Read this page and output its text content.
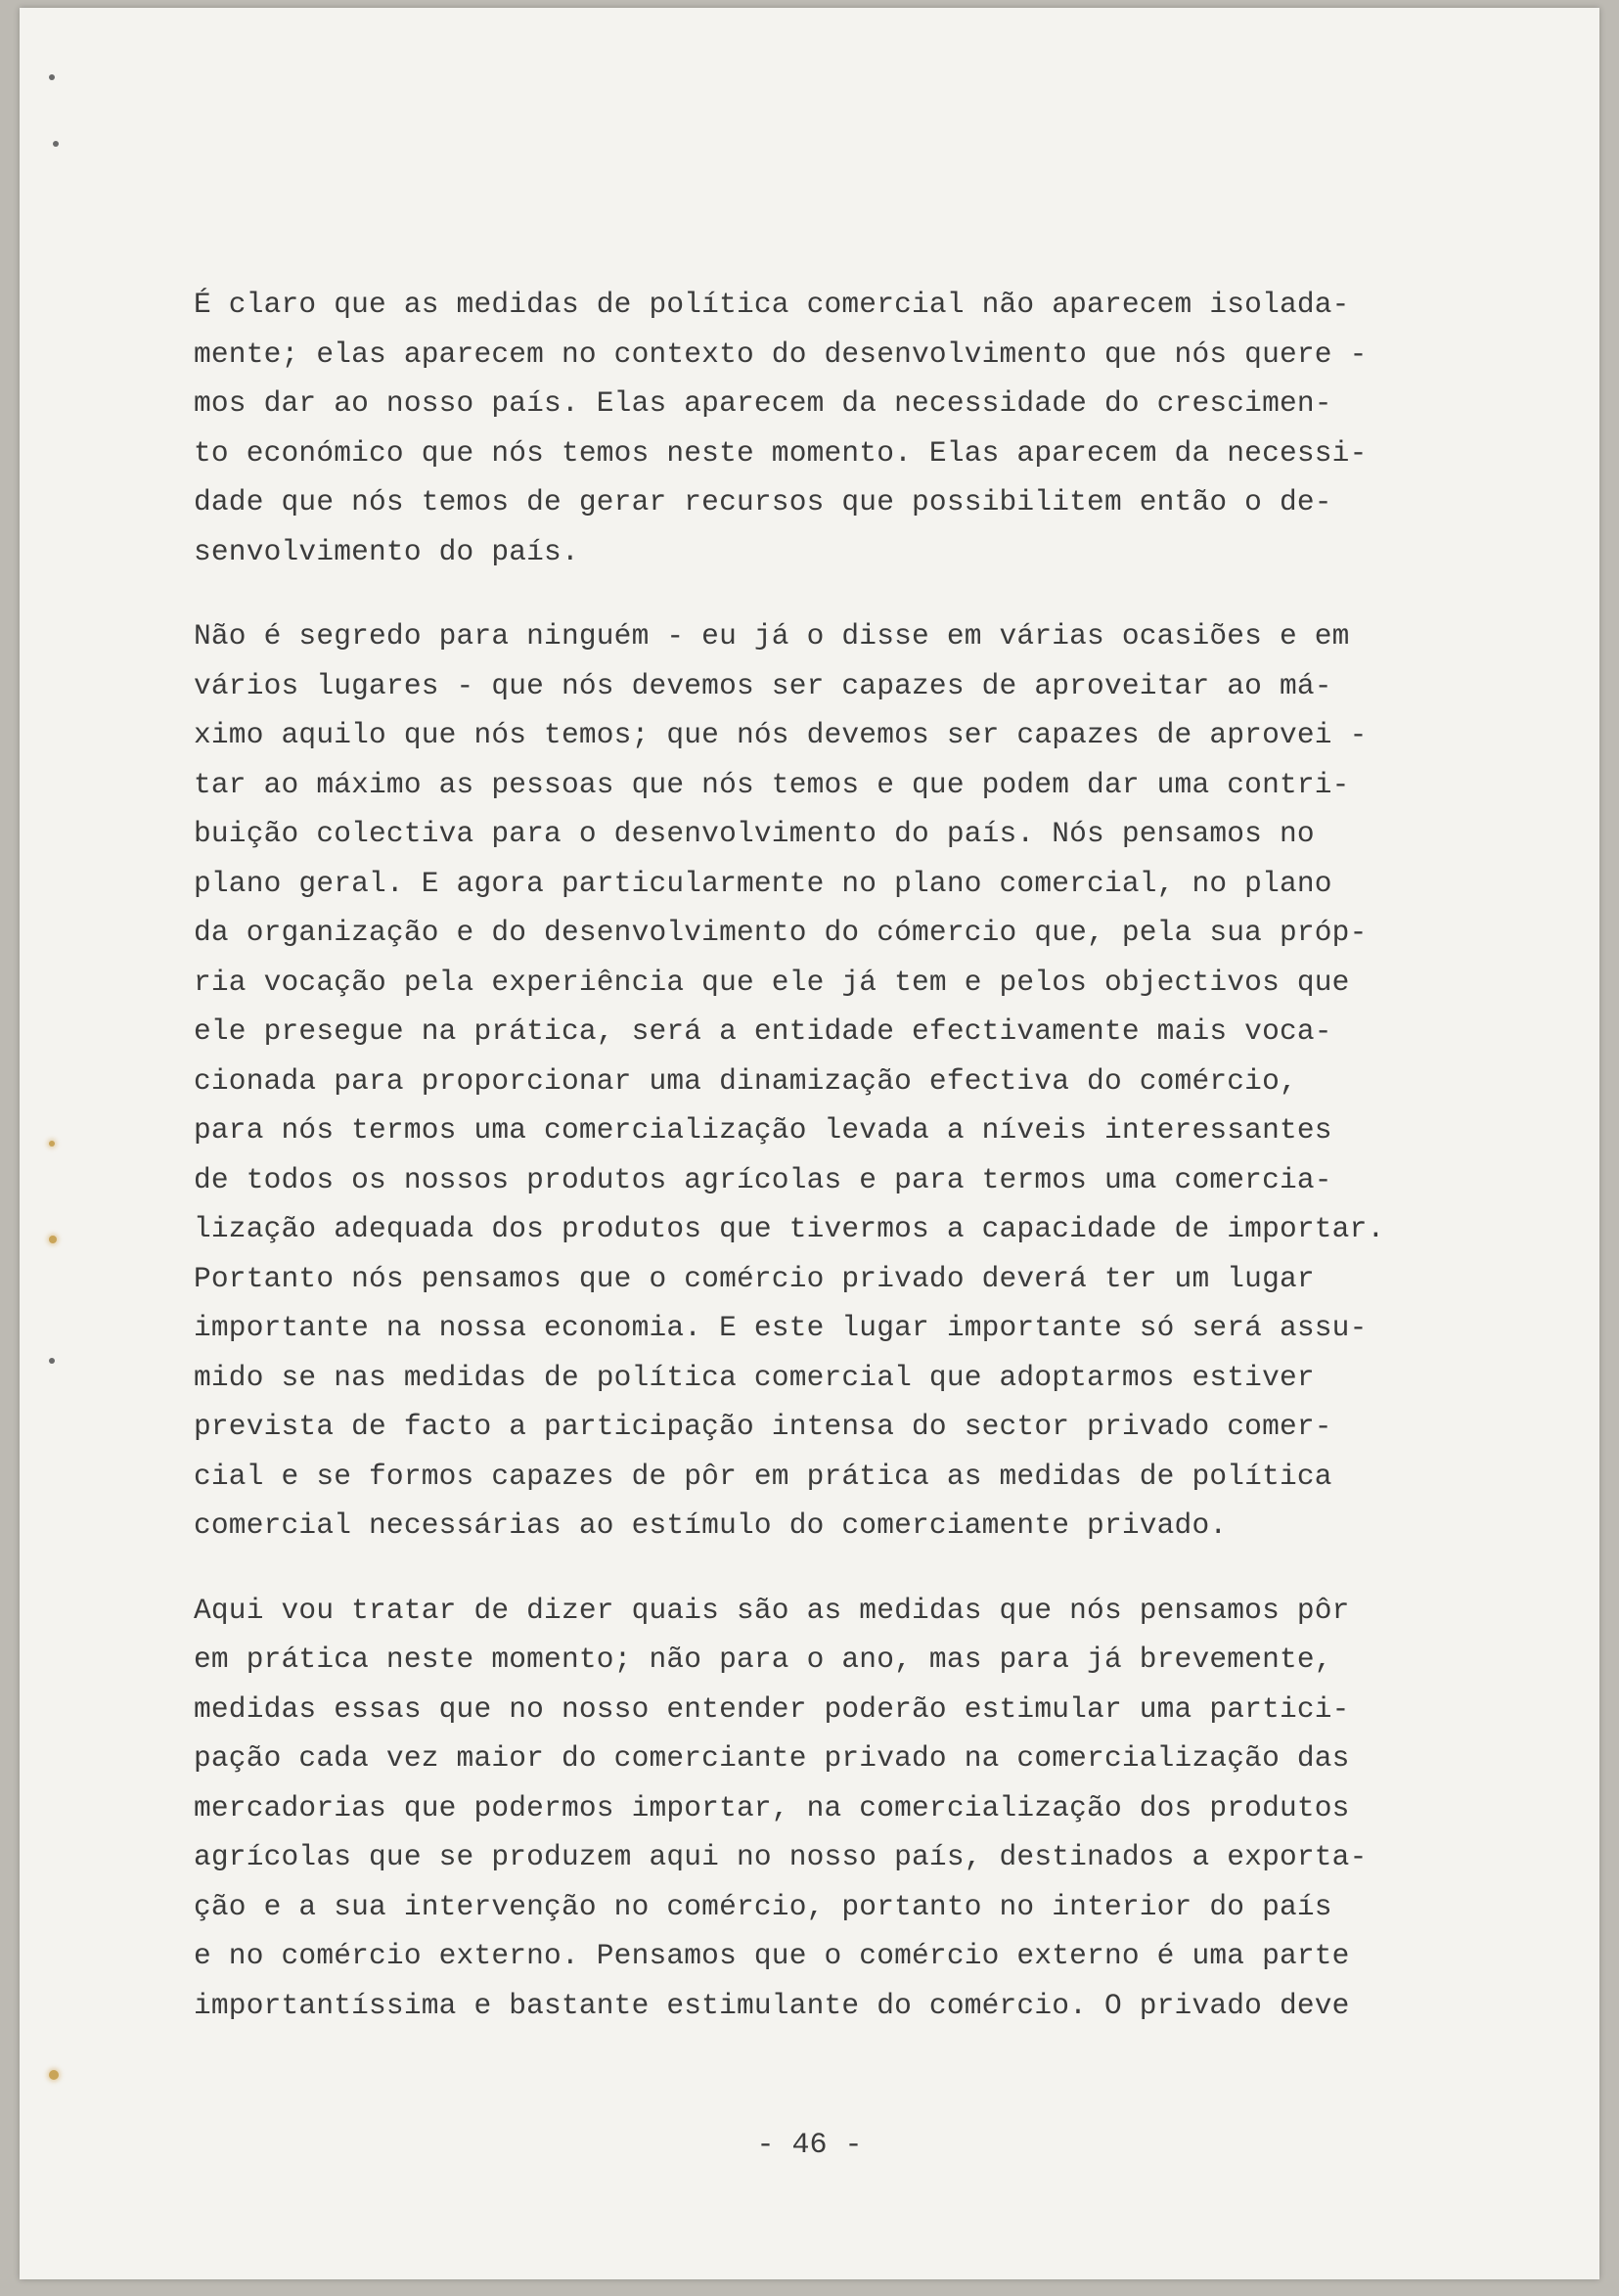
É claro que as medidas de política comercial não aparecem isolada-
mente; elas aparecem no contexto do desenvolvimento que nós quere -
mos dar ao nosso país. Elas aparecem da necessidade do crescimen-
to económico que nós temos neste momento. Elas aparecem da necessi-
dade que nós temos de gerar recursos que possibilitem então o de-
senvolvimento do país.

Não é segredo para ninguém - eu já o disse em várias ocasiões e em
vários lugares - que nós devemos ser capazes de aproveitar ao má-
ximo aquilo que nós temos; que nós devemos ser capazes de aprovei -
tar ao máximo as pessoas que nós temos e que podem dar uma contri-
buição colectiva para o desenvolvimento do país. Nós pensamos no
plano geral. E agora particularmente no plano comercial, no plano
da organização e do desenvolvimento do cómercio que, pela sua próp-
ria vocação pela experiência que ele já tem e pelos objectivos que
ele presegue na prática, será a entidade efectivamente mais voca-
cionada para proporcionar uma dinamização efectiva do comércio,
para nós termos uma comercialização levada a níveis interessantes
de todos os nossos produtos agrícolas e para termos uma comercia-
lização adequada dos produtos que tivermos a capacidade de importar.
Portanto nós pensamos que o comércio privado deverá ter um lugar
importante na nossa economia. E este lugar importante só será assu-
mido se nas medidas de política comercial que adoptarmos estiver
prevista de facto a participação intensa do sector privado comer-
cial e se formos capazes de pôr em prática as medidas de política
comercial necessárias ao estímulo do comerciamente privado.

Aqui vou tratar de dizer quais são as medidas que nós pensamos pôr
em prática neste momento; não para o ano, mas para já brevemente,
medidas essas que no nosso entender poderão estimular uma partici-
pação cada vez maior do comerciante privado na comercialização das
mercadorias que podermos importar, na comercialização dos produtos
agrícolas que se produzem aqui no nosso país, destinados a exporta-
ção e a sua intervenção no comércio, portanto no interior do país
e no comércio externo. Pensamos que o comércio externo é uma parte
importantíssima e bastante estimulante do comércio. O privado deve

- 46 -
